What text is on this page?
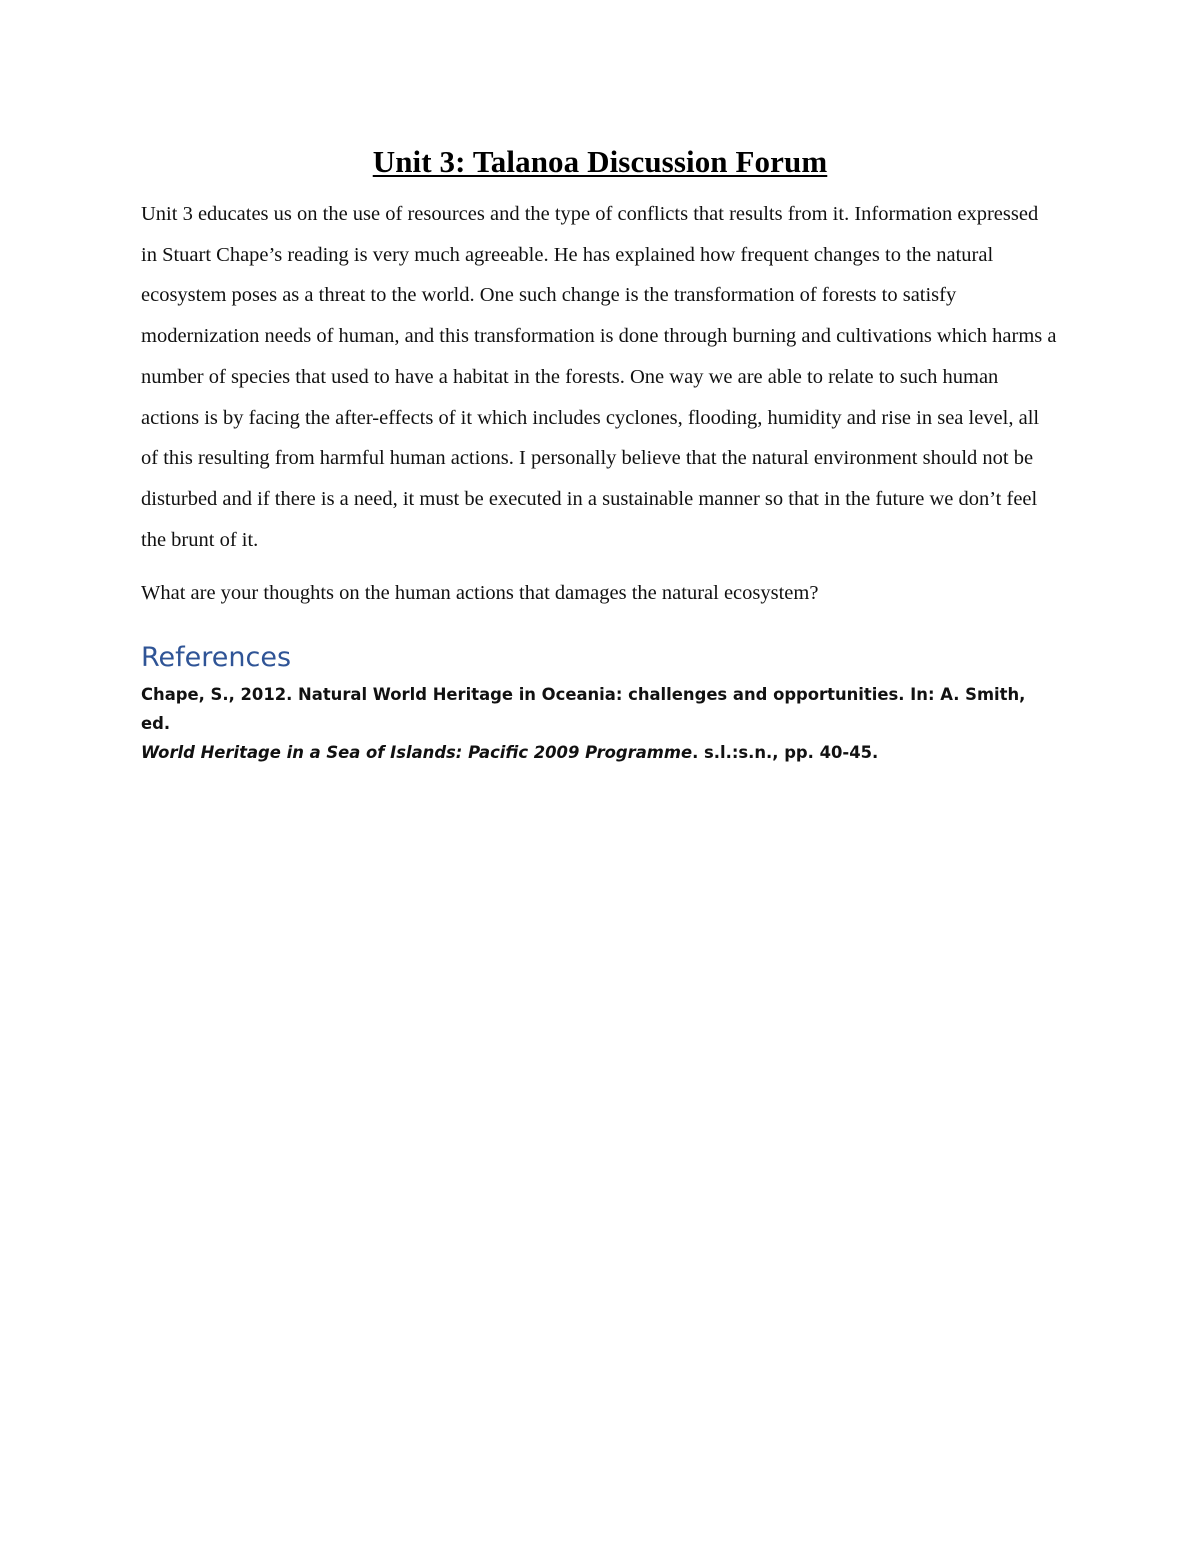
Unit 3: Talanoa Discussion Forum

Unit 3 educates us on the use of resources and the type of conflicts that results from it. Information expressed in Stuart Chape’s reading is very much agreeable. He has explained how frequent changes to the natural ecosystem poses as a threat to the world. One such change is the transformation of forests to satisfy modernization needs of human, and this transformation is done through burning and cultivations which harms a number of species that used to have a habitat in the forests. One way we are able to relate to such human actions is by facing the after-effects of it which includes cyclones, flooding, humidity and rise in sea level, all of this resulting from harmful human actions. I personally believe that the natural environment should not be disturbed and if there is a need, it must be executed in a sustainable manner so that in the future we don’t feel the brunt of it.

What are your thoughts on the human actions that damages the natural ecosystem?

References

Chape, S., 2012. Natural World Heritage in Oceania: challenges and opportunities. In: A. Smith, ed.
World Heritage in a Sea of Islands: Pacific 2009 Programme. s.l.:s.n., pp. 40-45.
